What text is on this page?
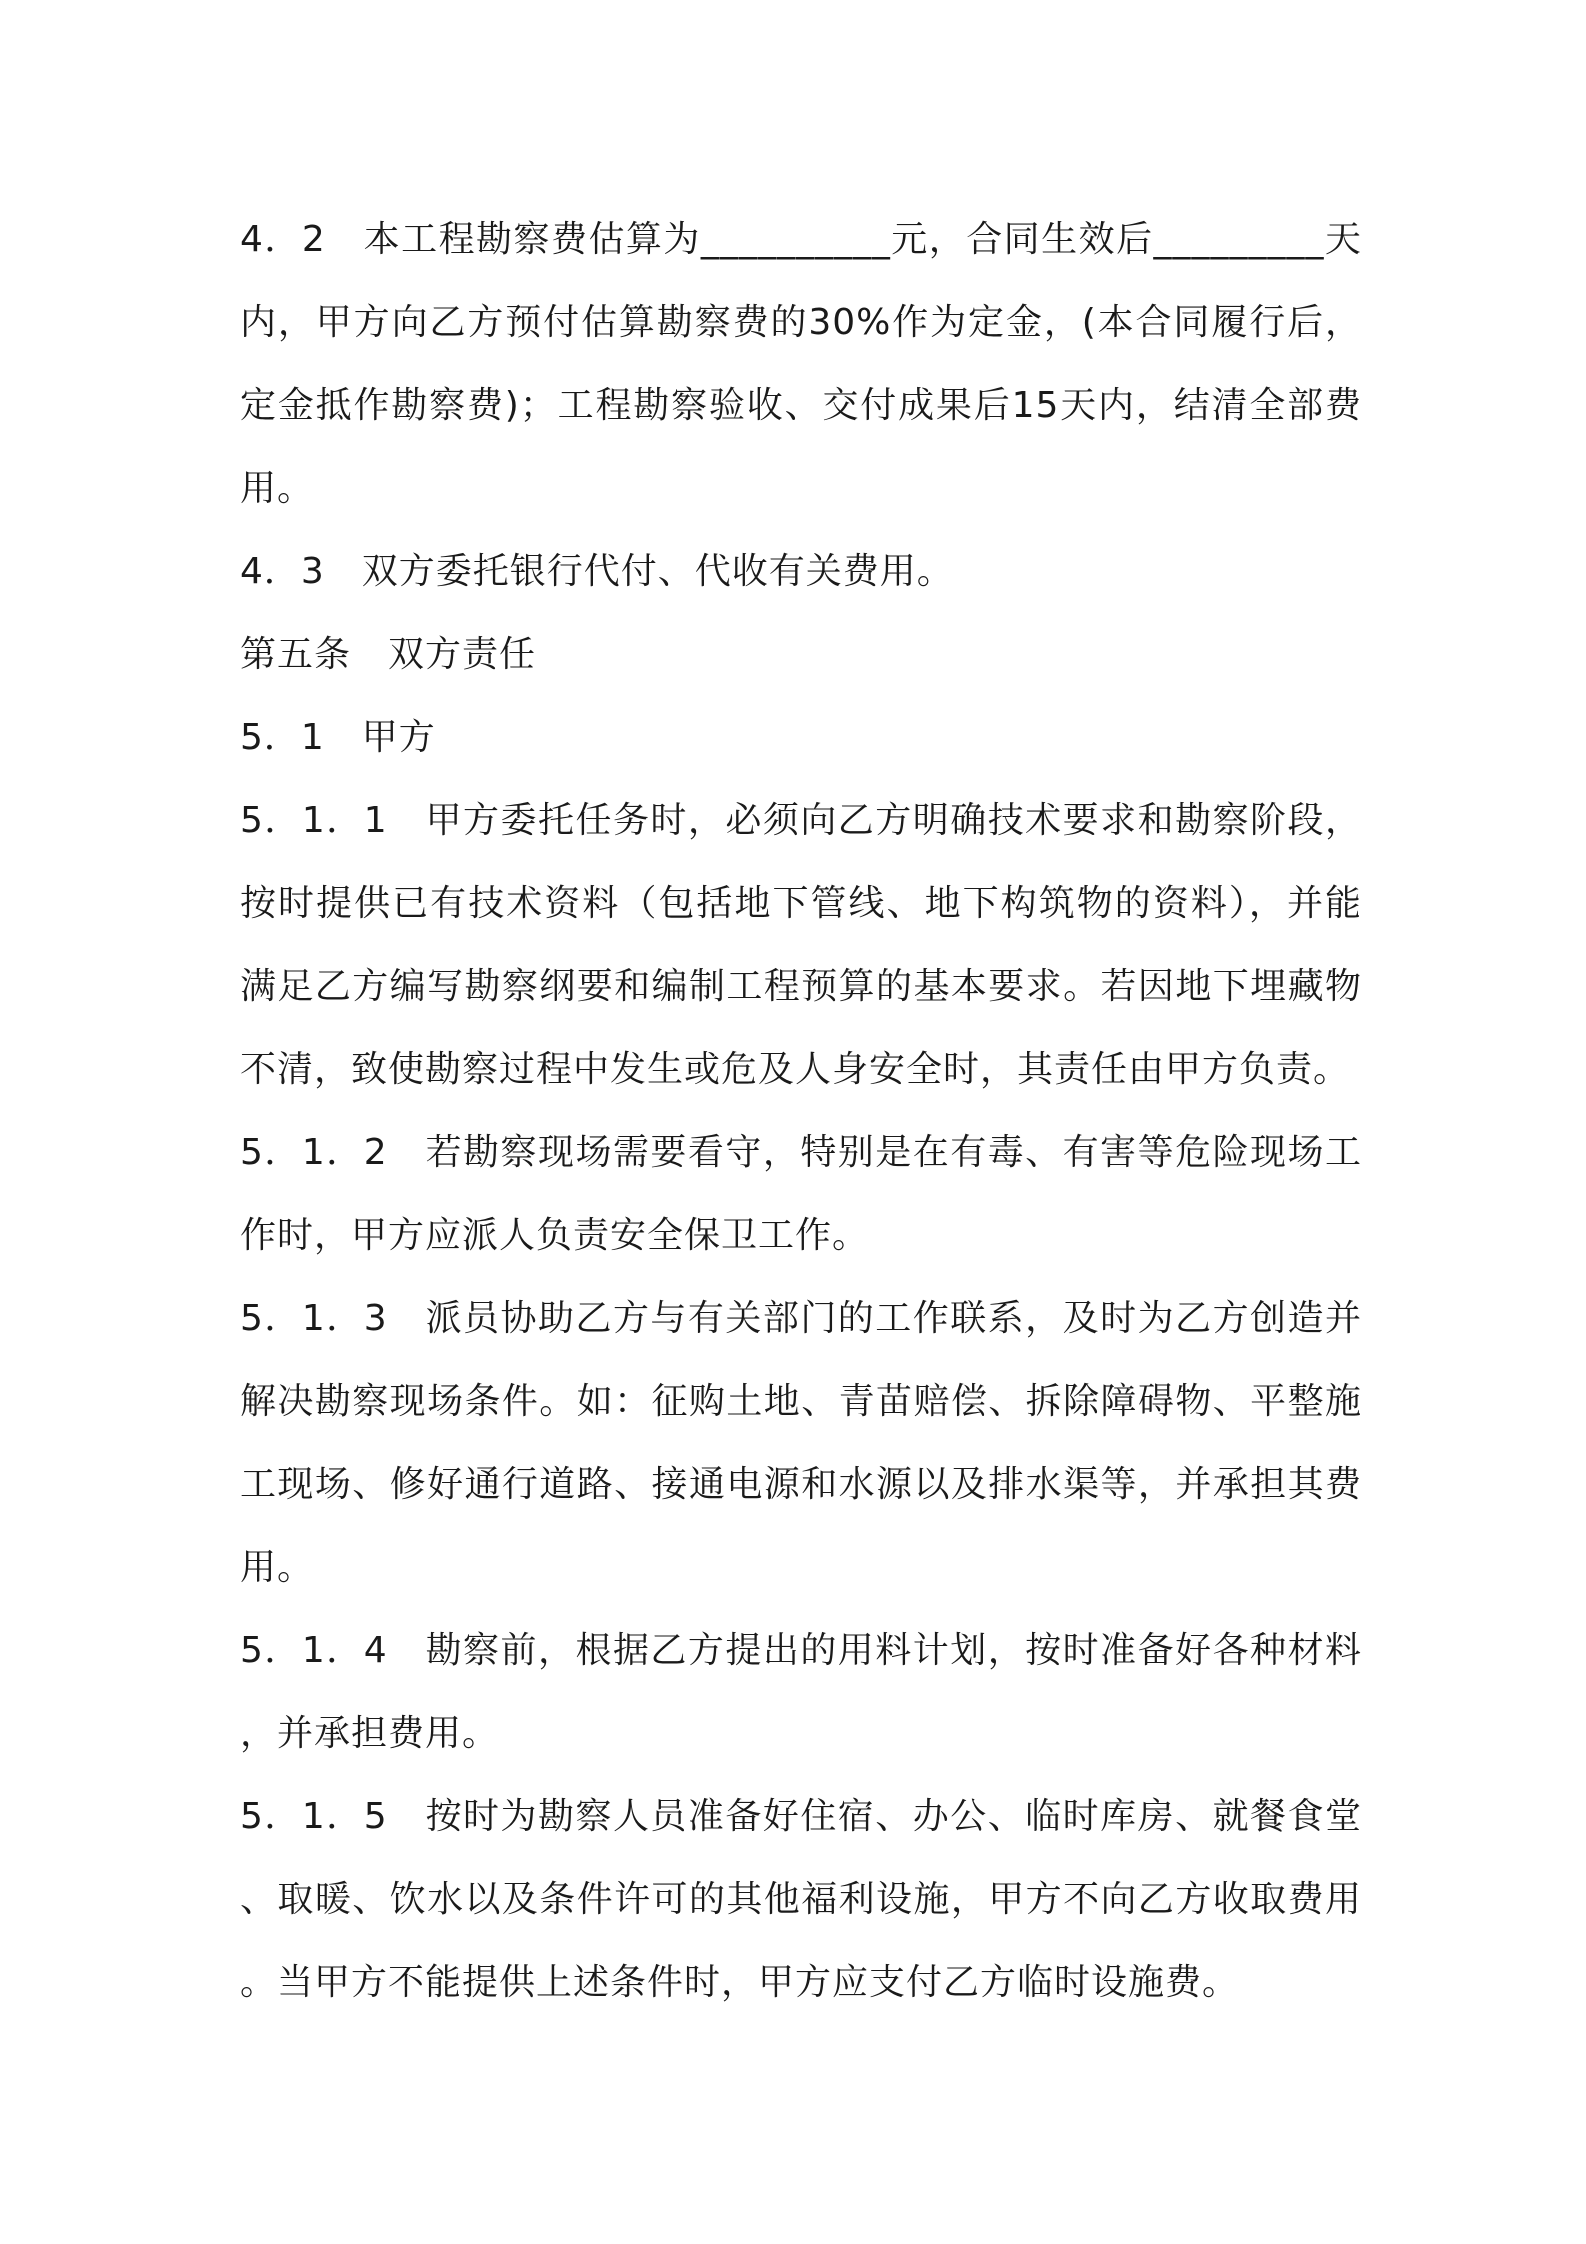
4．2　本工程勘察费估算为__________元，合同生效后_________天内，甲方向乙方预付估算勘察费的30%作为定金，(本合同履行后，定金抵作勘察费)；工程勘察验收、交付成果后15天内，结清全部费用。

4．3　双方委托银行代付、代收有关费用。

第五条　双方责任

5．1　甲方

5．1．1　甲方委托任务时，必须向乙方明确技术要求和勘察阶段，按时提供已有技术资料（包括地下管线、地下构筑物的资料），并能满足乙方编写勘察纲要和编制工程预算的基本要求。若因地下埋藏物不清，致使勘察过程中发生或危及人身安全时，其责任由甲方负责。

5．1．2　若勘察现场需要看守，特别是在有毒、有害等危险现场工作时，甲方应派人负责安全保卫工作。

5．1．3　派员协助乙方与有关部门的工作联系，及时为乙方创造并解决勘察现场条件。如：征购土地、青苗赔偿、拆除障碍物、平整施工现场、修好通行道路、接通电源和水源以及排水渠等，并承担其费用。

5．1．4　勘察前，根据乙方提出的用料计划，按时准备好各种材料，并承担费用。

5．1．5　按时为勘察人员准备好住宿、办公、临时库房、就餐食堂、取暖、饮水以及条件许可的其他福利设施，甲方不向乙方收取费用。当甲方不能提供上述条件时，甲方应支付乙方临时设施费。
